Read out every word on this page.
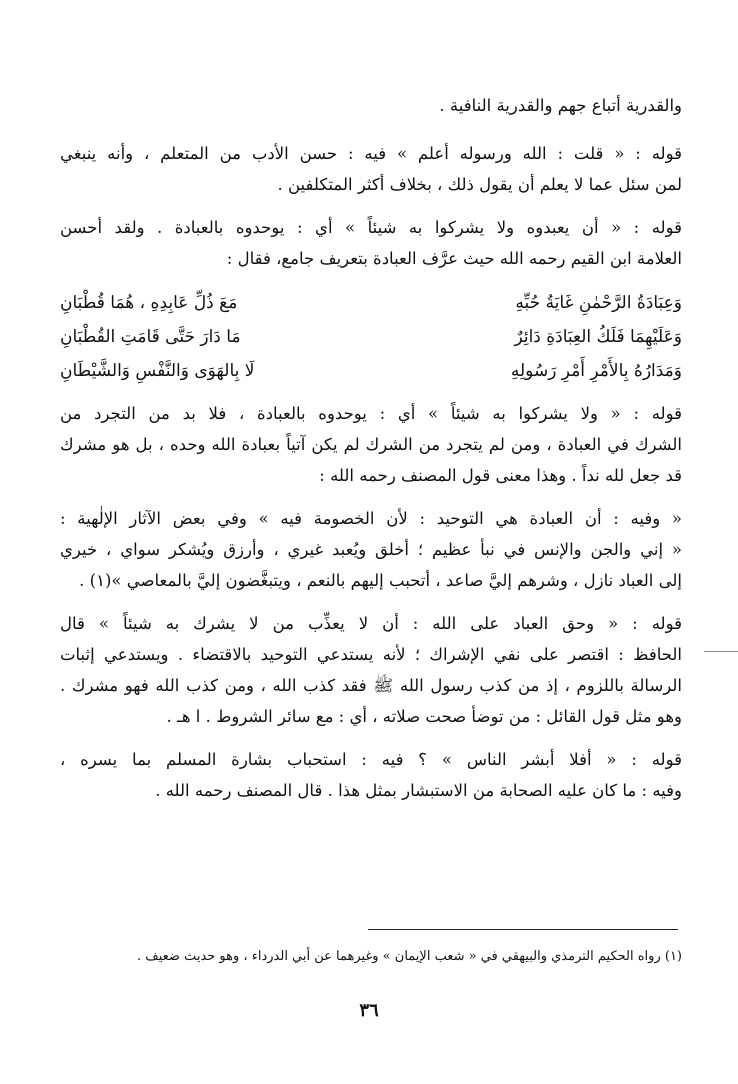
والقدرية أتباع جهم والقدرية النافية .

قوله : « قلت : الله ورسوله أعلم » فيه : حسن الأدب من المتعلم ، وأنه ينبغي
لمن سئل عما لا يعلم أن يقول ذلك ، بخلاف أكثر المتكلفين .
قوله : « أن يعبدوه ولا يشركوا به شيئاً » أي : يوحدوه بالعبادة . ولقد أحسن
العلامة ابن القيم رحمه الله حيث عرَّف العبادة بتعريف جامع، فقال :
وَعِبَادَةُ الرَّحْمٰنِ غَايَةُ حُبِّهِ
مَعَ ذُلِّ عَابِدِهِ ، هُمَا قُطْبَانِ
وَعَلَيْهِمَا فَلَكُ العِبَادَةِ دَائِرٌ
مَا دَارَ حَتَّى قَامَتِ القُطْبَانِ
وَمَدَارُهُ بِالأَمْرِ أَمْرِ رَسُولِهِ
لَا بِالهَوَى وَالنَّفْسِ وَالشَّيْطَانِ
قوله : « ولا يشركوا به شيئاً » أي : يوحدوه بالعبادة ، فلا بد من التجرد من
الشرك في العبادة ، ومن لم يتجرد من الشرك لم يكن آتياً بعبادة الله وحده ، بل هو مشرك
قد جعل لله نداً . وهذا معنى قول المصنف رحمه الله :
« وفيه : أن العبادة هي التوحيد : لأن الخصومة فيه » وفي بعض الآثار الإلٰهية :
« إني والجن والإنس في نبأ عظيم ؛ أخلق ويُعبد غيري ، وأرزق ويُشكر سواي ، خيري
إلى العباد نازل ، وشرهم إليَّ صاعد ، أتحبب إليهم بالنعم ، ويتبغَّضون إليَّ بالمعاصي »(١) .
قوله : « وحق العباد على الله : أن لا يعذِّب من لا يشرك به شيئاً » قال
الحافظ : اقتصر على نفي الإشراك ؛ لأنه يستدعي التوحيد بالاقتضاء . ويستدعي إثبات
الرسالة باللزوم ، إذ من كذب رسول الله ﷺ فقد كذب الله ، ومن كذب الله فهو مشرك .
وهو مثل قول القائل : من توضأ صحت صلاته ، أي : مع سائر الشروط . ا هـ .
قوله : « أفلا أبشر الناس » ؟ فيه : استحباب بشارة المسلم بما يسره ،
وفيه : ما كان عليه الصحابة من الاستبشار بمثل هذا . قال المصنف رحمه الله .
(١) رواه الحكيم الترمذي والبيهقي في « شعب الإيمان » وغيرهما عن أبي الدرداء ، وهو حديث ضعيف .
٣٦
